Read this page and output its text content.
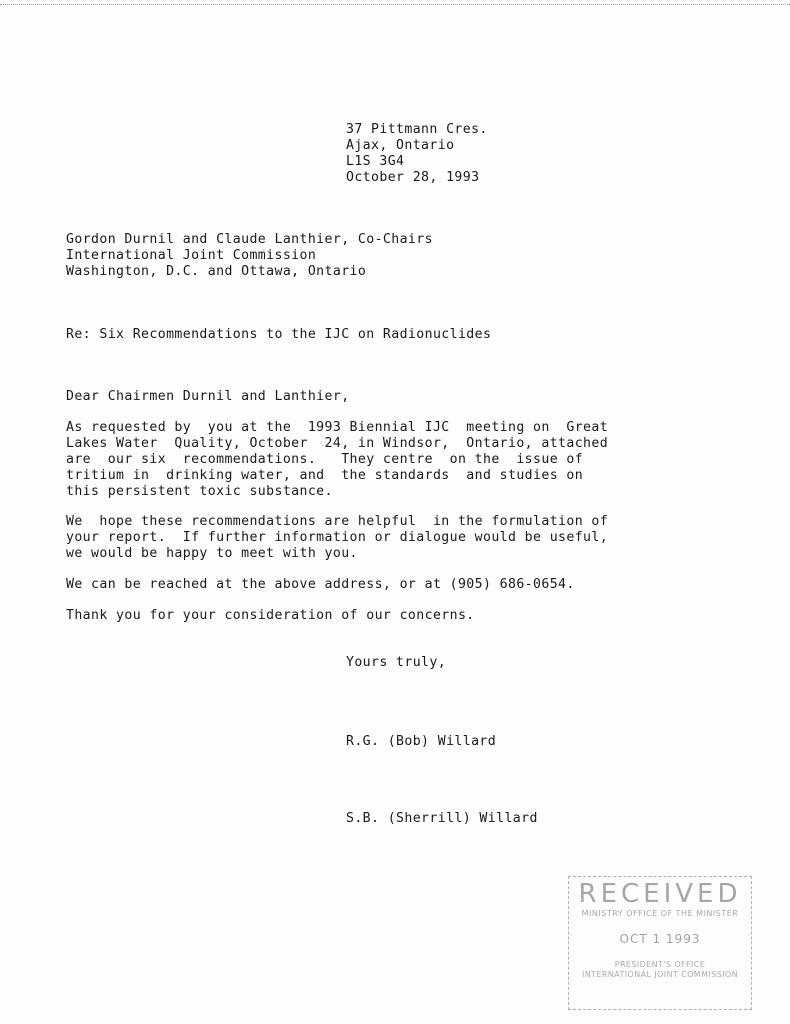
37 Pittmann Cres.
Ajax, Ontario
L1S 3G4
October 28, 1993
Gordon Durnil and Claude Lanthier, Co-Chairs
International Joint Commission
Washington, D.C. and Ottawa, Ontario
Re: Six Recommendations to the IJC on Radionuclides
Dear Chairmen Durnil and Lanthier,
As requested by  you at the  1993 Biennial IJC  meeting on  Great
Lakes Water  Quality, October  24, in Windsor,  Ontario, attached
are  our six  recommendations.   They centre  on the  issue of
tritium in  drinking water, and  the standards  and studies on
this persistent toxic substance.
We  hope these recommendations are helpful  in the formulation of
your report.  If further information or dialogue would be useful,
we would be happy to meet with you.
We can be reached at the above address, or at (905) 686-0654.
Thank you for your consideration of our concerns.
Yours truly,
R.G. (Bob) Willard
S.B. (Sherrill) Willard
RECEIVED
MINISTRY OFFICE OF THE MINISTER
OCT 1 1993
PRESIDENT'S OFFICE
INTERNATIONAL JOINT COMMISSION
